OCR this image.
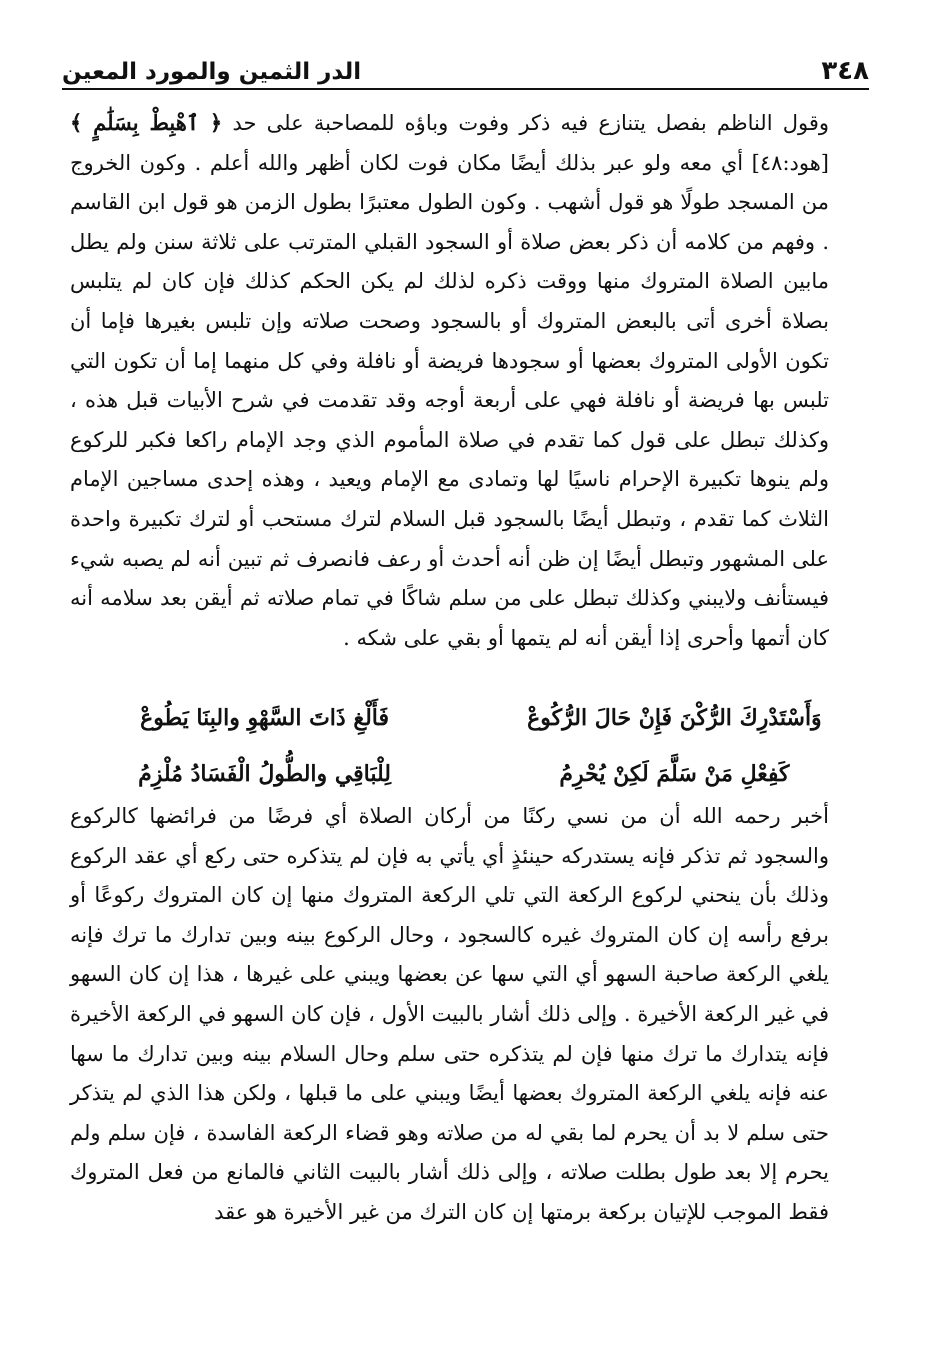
٣٤٨
الدر الثمين والمورد المعين

وقول الناظم بفصل يتنازع فيه ذكر وفوت وباؤه للمصاحبة على حد ﴿ ٱهْبِطْ بِسَلَٰمٍ ﴾ [هود:٤٨] أي معه ولو عبر بذلك أيضًا مكان فوت لكان أظهر والله أعلم . وكون الخروج من المسجد طولًا هو قول أشهب . وكون الطول معتبرًا بطول الزمن هو قول ابن القاسم . وفهم من كلامه أن ذكر بعض صلاة أو السجود القبلي المترتب على ثلاثة سنن ولم يطل مابين الصلاة المتروك منها ووقت ذكره لذلك لم يكن الحكم كذلك فإن كان لم يتلبس بصلاة أخرى أتى بالبعض المتروك أو بالسجود وصحت صلاته وإن تلبس بغيرها فإما أن تكون الأولى المتروك بعضها أو سجودها فريضة أو نافلة وفي كل منهما إما أن تكون التي تلبس بها فريضة أو نافلة فهي على أربعة أوجه وقد تقدمت في شرح الأبيات قبل هذه ، وكذلك تبطل على قول كما تقدم في صلاة المأموم الذي وجد الإمام راكعا فكبر للركوع ولم ينوها تكبيرة الإحرام ناسيًا لها وتمادى مع الإمام ويعيد ، وهذه إحدى مساجين الإمام الثلاث كما تقدم ، وتبطل أيضًا بالسجود قبل السلام لترك مستحب أو لترك تكبيرة واحدة على المشهور وتبطل أيضًا إن ظن أنه أحدث أو رعف فانصرف ثم تبين أنه لم يصبه شيء فيستأنف ولايبني وكذلك تبطل على من سلم شاكًا في تمام صلاته ثم أيقن بعد سلامه أنه كان أتمها وأحرى إذا أيقن أنه لم يتمها أو بقي على شكه .

وَأَسْتَدْرِكَ الرُّكْنَ فَإِنْ حَالَ الرُّكُوعْ
فَأَلْغِ ذَاتَ السَّهْوِ والبِنَا يَطُوعْ
كَفِعْلِ مَنْ سَلَّمَ لَكِنْ يُحْرِمُ
لِلْبَاقِي والطُّولُ الْفَسَادُ مُلْزِمُ

أخبر رحمه الله أن من نسي ركنًا من أركان الصلاة أي فرضًا من فرائضها كالركوع والسجود ثم تذكر فإنه يستدركه حينئذٍ أي يأتي به فإن لم يتذكره حتى ركع أي عقد الركوع وذلك بأن ينحني لركوع الركعة التي تلي الركعة المتروك منها إن كان المتروك ركوعًا أو برفع رأسه إن كان المتروك غيره كالسجود ، وحال الركوع بينه وبين تدارك ما ترك فإنه يلغي الركعة صاحبة السهو أي التي سها عن بعضها ويبني على غيرها ، هذا إن كان السهو في غير الركعة الأخيرة . وإلى ذلك أشار بالبيت الأول ، فإن كان السهو في الركعة الأخيرة فإنه يتدارك ما ترك منها فإن لم يتذكره حتى سلم وحال السلام بينه وبين تدارك ما سها عنه فإنه يلغي الركعة المتروك بعضها أيضًا ويبني على ما قبلها ، ولكن هذا الذي لم يتذكر حتى سلم لا بد أن يحرم لما بقي له من صلاته وهو قضاء الركعة الفاسدة ، فإن سلم ولم يحرم إلا بعد طول بطلت صلاته ، وإلى ذلك أشار بالبيت الثاني فالمانع من فعل المتروك فقط الموجب للإتيان بركعة برمتها إن كان الترك من غير الأخيرة هو عقد
